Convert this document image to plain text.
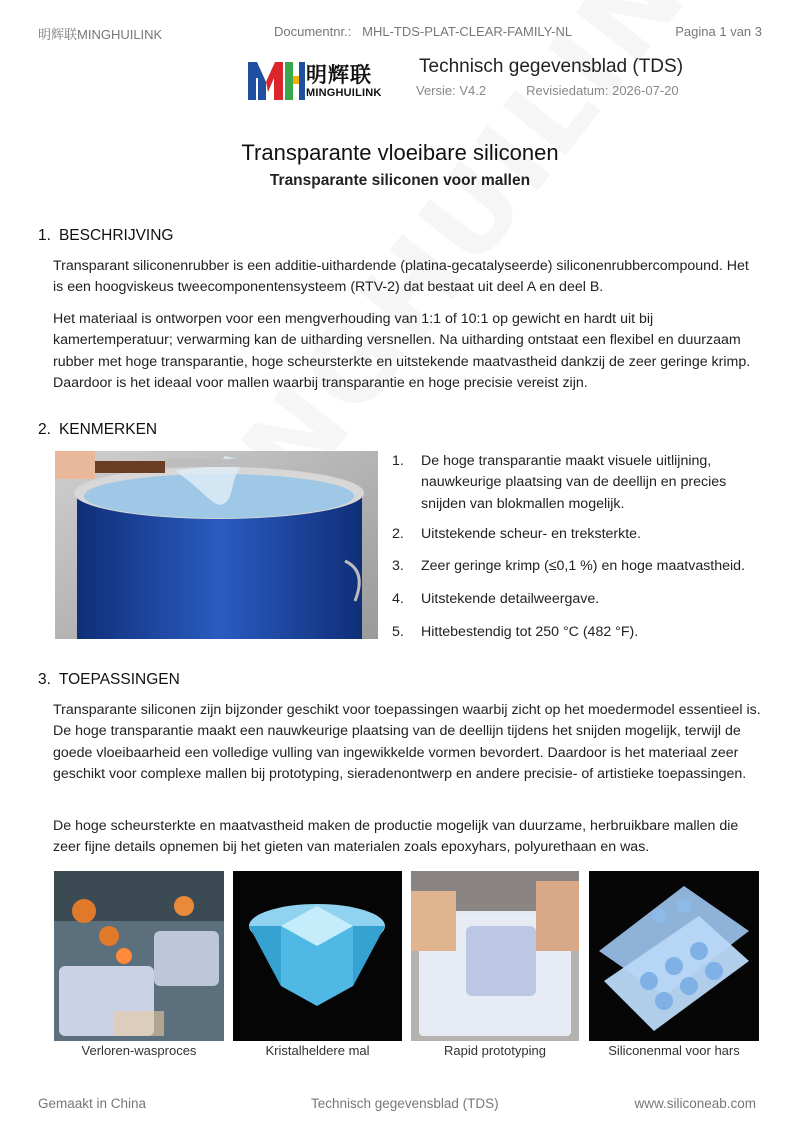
明辉联MINGHUILINK	Documentnr.:   MHL-TDS-PLAT-CLEAR-FAMILY-NL	Pagina 1 van 3
明辉联
MINGHUILINK
Technisch gegevensblad (TDS)
Versie: V4.2	Revisiedatum: 2026-07-20
Transparante vloeibare siliconen
Transparante siliconen voor mallen
1. BESCHRIJVING

Transparant siliconenrubber is een additie-uithardende (platina-gecatalyseerde) siliconenrubbercompound. Het is een hoogviskeus tweecomponentensysteem (RTV-2) dat bestaat uit deel A en deel B.

Het materiaal is ontworpen voor een mengverhouding van 1:1 of 10:1 op gewicht en hardt uit bij kamertemperatuur; verwarming kan de uitharding versnellen. Na uitharding ontstaat een flexibel en duurzaam rubber met hoge transparantie, hoge scheursterkte en uitstekende maatvastheid dankzij de zeer geringe krimp. Daardoor is het ideaal voor mallen waarbij transparantie en hoge precisie vereist zijn.

2. KENMERKEN
1.	De hoge transparantie maakt visuele uitlijning, nauwkeurige plaatsing van de deellijn en precies snijden van blokmallen mogelijk.
2.	Uitstekende scheur- en treksterkte.
3.	Zeer geringe krimp (≤0,1 %) en hoge maatvastheid.
4.	Uitstekende detailweergave.
5.	Hittebestendig tot 250 °C (482 °F).
3. TOEPASSINGEN

Transparante siliconen zijn bijzonder geschikt voor toepassingen waarbij zicht op het moedermodel essentieel is. De hoge transparantie maakt een nauwkeurige plaatsing van de deellijn tijdens het snijden mogelijk, terwijl de goede vloeibaarheid een volledige vulling van ingewikkelde vormen bevordert. Daardoor is het materiaal zeer geschikt voor complexe mallen bij prototyping, sieradenontwerp en andere precisie- of artistieke toepassingen.

De hoge scheursterkte en maatvastheid maken de productie mogelijk van duurzame, herbruikbare mallen die zeer fijne details opnemen bij het gieten van materialen zoals epoxyhars, polyurethaan en was.

Verloren-wasproces	Kristalheldere mal	Rapid prototyping	Siliconenmal voor hars
Gemaakt in China	Technisch gegevensblad (TDS)	www.siliconeab.com
